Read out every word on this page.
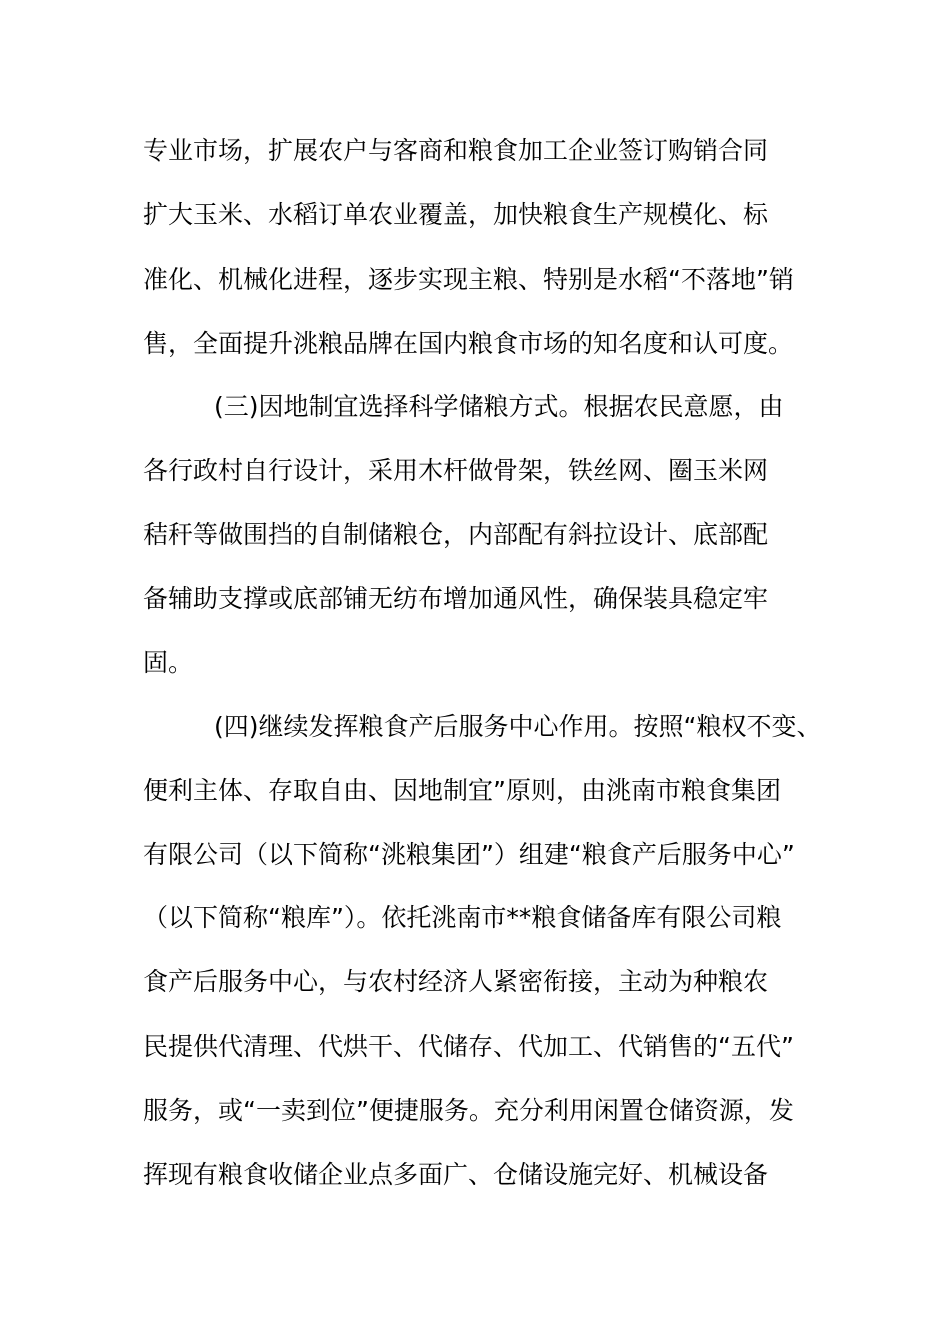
专业市场，扩展农户与客商和粮食加工企业签订购销合同
扩大玉米、水稻订单农业覆盖，加快粮食生产规模化、标
准化、机械化进程，逐步实现主粮、特别是水稻“不落地”销
售，全面提升洮粮品牌在国内粮食市场的知名度和认可度。
(三)因地制宜选择科学储粮方式。根据农民意愿，由
各行政村自行设计，采用木杆做骨架，铁丝网、圈玉米网
秸秆等做围挡的自制储粮仓，内部配有斜拉设计、底部配
备辅助支撑或底部铺无纺布增加通风性，确保装具稳定牢
固。
(四)继续发挥粮食产后服务中心作用。按照“粮权不变、
便利主体、存取自由、因地制宜”原则，由洮南市粮食集团
有限公司（以下简称“洮粮集团”）组建“粮食产后服务中心”
（以下简称“粮库”）。依托洮南市**粮食储备库有限公司粮
食产后服务中心，与农村经济人紧密衔接，主动为种粮农
民提供代清理、代烘干、代储存、代加工、代销售的“五代”
服务，或“一卖到位”便捷服务。充分利用闲置仓储资源，发
挥现有粮食收储企业点多面广、仓储设施完好、机械设备
